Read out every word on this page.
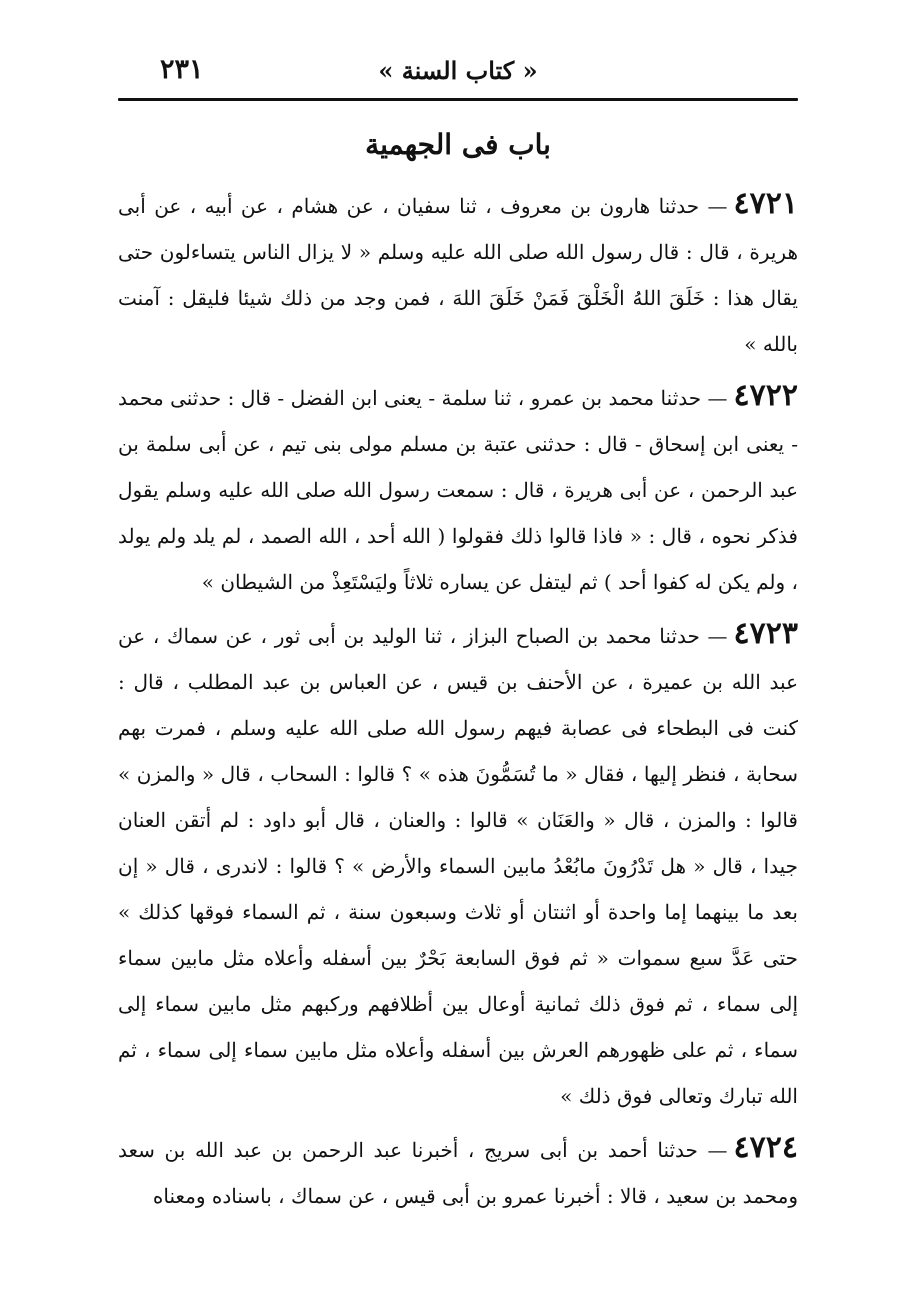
« كتاب السنة »
٢٣١
باب فى الجهمية

٤٧٢١— حدثنا هارون بن معروف ، ثنا سفيان ، عن هشام ، عن أبيه ، عن أبى هريرة ، قال : قال رسول الله صلى الله عليه وسلم « لا يزال الناس يتساءلون حتى يقال هذا : خَلَقَ اللهُ الْخَلْقَ فَمَنْ خَلَقَ اللهَ ، فمن وجد من ذلك شيئا فليقل : آمنت بالله »

٤٧٢٢— حدثنا محمد بن عمرو ، ثنا سلمة - يعنى ابن الفضل - قال : حدثنى محمد - يعنى ابن إسحاق - قال : حدثنى عتبة بن مسلم مولى بنى تيم ، عن أبى سلمة بن عبد الرحمن ، عن أبى هريرة ، قال : سمعت رسول الله صلى الله عليه وسلم يقول فذكر نحوه ، قال : « فاذا قالوا ذلك فقولوا ( الله أحد ، الله الصمد ، لم يلد ولم يولد ، ولم يكن له كفوا أحد ) ثم ليتفل عن يساره ثلاثاً وليَسْتَعِذْ من الشيطان »

٤٧٢٣— حدثنا محمد بن الصباح البزاز ، ثنا الوليد بن أبى ثور ، عن سماك ، عن عبد الله بن عميرة ، عن الأحنف بن قيس ، عن العباس بن عبد المطلب ، قال : كنت فى البطحاء فى عصابة فيهم رسول الله صلى الله عليه وسلم ، فمرت بهم سحابة ، فنظر إليها ، فقال « ما تُسَمُّونَ هذه » ؟ قالوا : السحاب ، قال « والمزن » قالوا : والمزن ، قال « والعَنَان » قالوا : والعنان ، قال أبو داود : لم أتقن العنان جيدا ، قال « هل تَدْرُونَ مابُعْدُ مابين السماء والأرض » ؟ قالوا : لاندرى ، قال « إن بعد ما بينهما إما واحدة أو اثنتان أو ثلاث وسبعون سنة ، ثم السماء فوقها كذلك » حتى عَدَّ سبع سموات « ثم فوق السابعة بَحْرٌ بين أسفله وأعلاه مثل مابين سماء إلى سماء ، ثم فوق ذلك ثمانية أوعال بين أظلافهم وركبهم مثل مابين سماء إلى سماء ، ثم على ظهورهم العرش بين أسفله وأعلاه مثل مابين سماء إلى سماء ، ثم الله تبارك وتعالى فوق ذلك »

٤٧٢٤— حدثنا أحمد بن أبى سريج ، أخبرنا عبد الرحمن بن عبد الله بن سعد ومحمد بن سعيد ، قالا : أخبرنا عمرو بن أبى قيس ، عن سماك ، باسناده ومعناه
